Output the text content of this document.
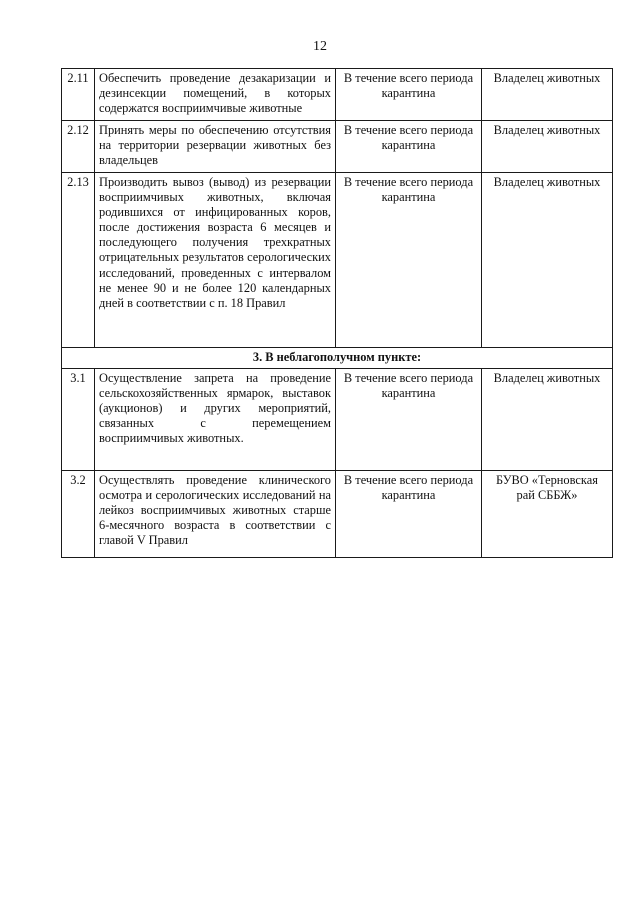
12
2.11	Обеспечить проведение дезакаризации и дезинсекции помещений, в которых содержатся восприимчивые животные	В течение всего периода карантина	Владелец животных
2.12	Принять меры по обеспечению отсутствия на территории резервации животных без владельцев	В течение всего периода карантина	Владелец животных
2.13	Производить вывоз (вывод) из резервации восприимчивых животных, включая родившихся от инфицированных коров, после достижения возраста 6 месяцев и последующего получения трехкратных отрицательных результатов серологических исследований, проведенных с интервалом не менее 90 и не более 120 календарных дней в соответствии с п. 18 Правил	В течение всего периода карантина	Владелец животных
3. В неблагополучном пункте:			
3.1	Осуществление запрета на проведение сельскохозяйственных ярмарок, выставок (аукционов) и других мероприятий, связанных с перемещением восприимчивых животных.	В течение всего периода карантина	Владелец животных
3.2	Осуществлять проведение клинического осмотра и серологических исследований на лейкоз восприимчивых животных старше 6-месячного возраста в соответствии с главой V Правил	В течение всего периода карантина	БУВО «Терновская рай СББЖ»
